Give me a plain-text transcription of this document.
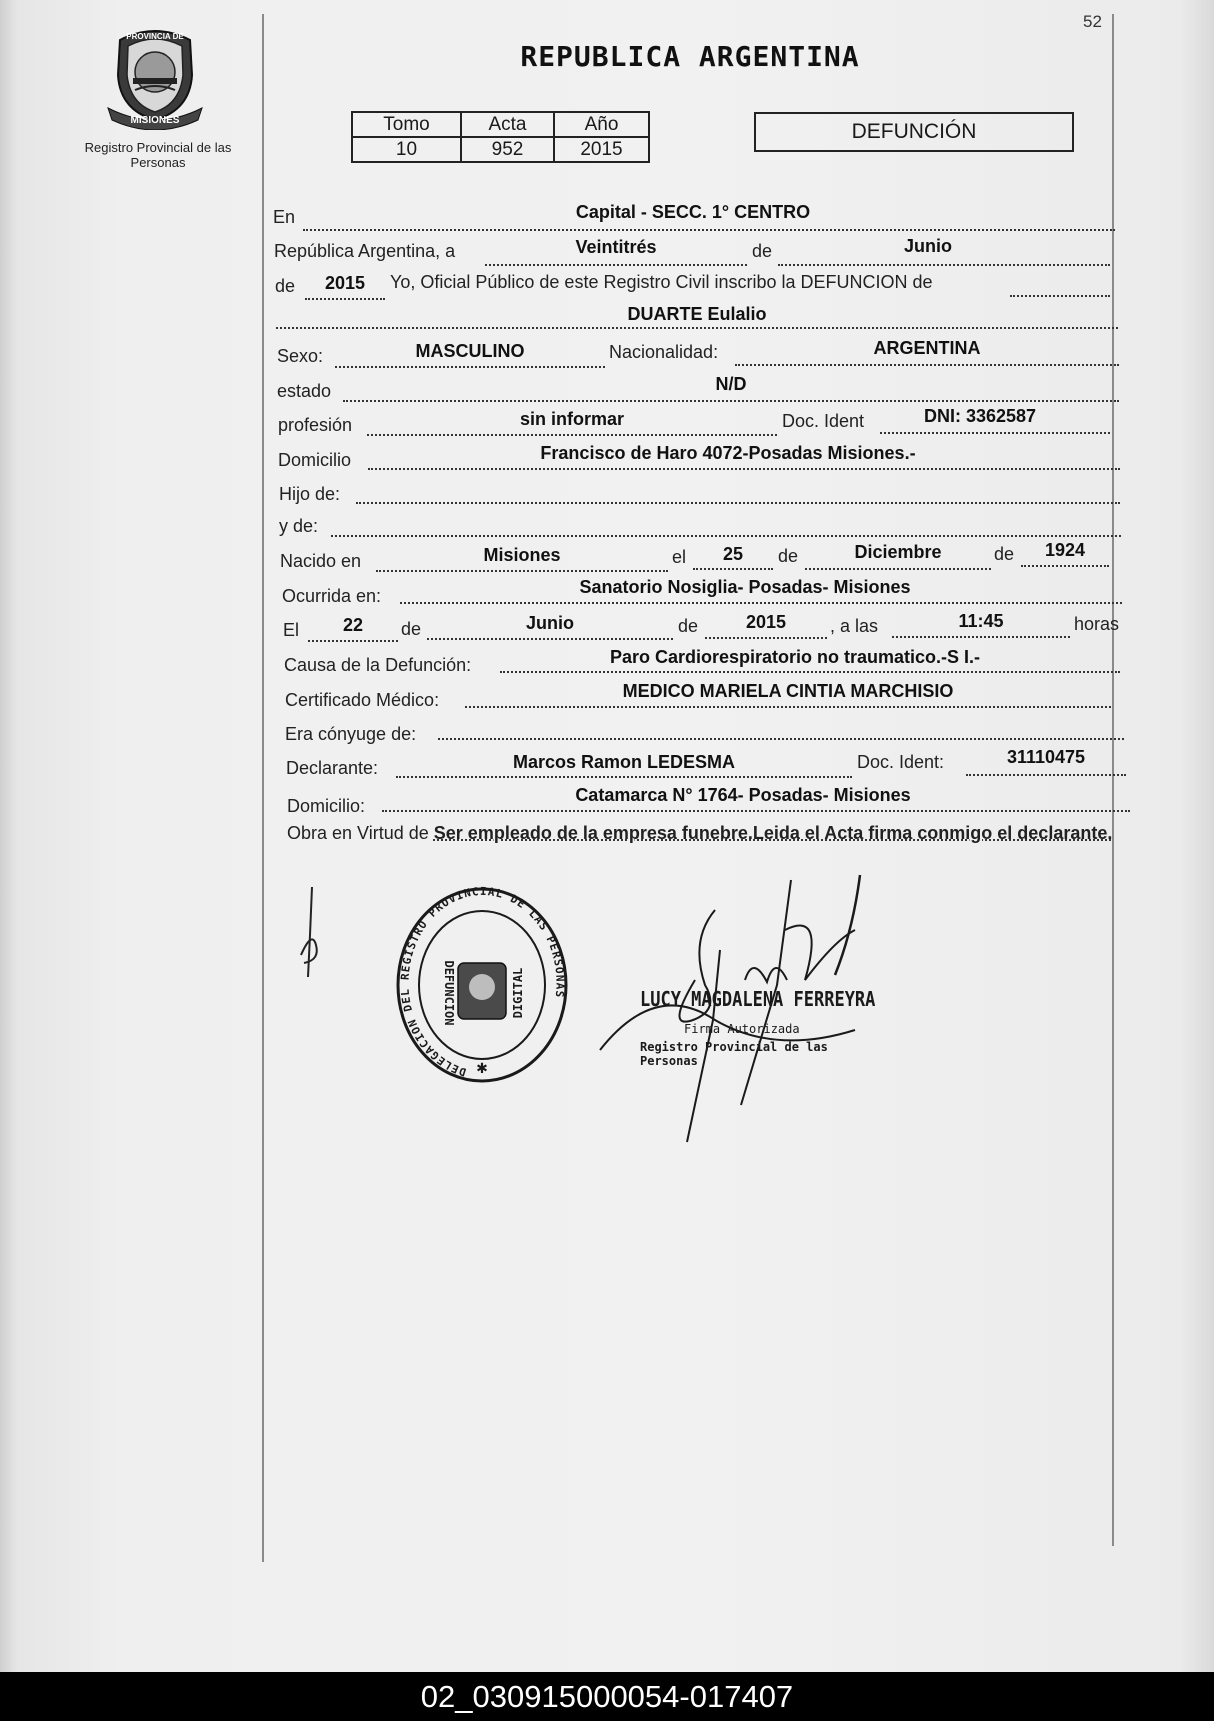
52
PROVINCIA DE
MISIONES
Registro Provincial de las Personas
REPUBLICA ARGENTINA
Tomo	Acta	Año
10	952	2015
DEFUNCIÓN
En	Capital - SECC. 1° CENTRO
República Argentina, a	Veintitrés	de	Junio
de	2015	Yo, Oficial Público de este Registro Civil inscribo la DEFUNCION de
DUARTE Eulalio
Sexo:	MASCULINO	Nacionalidad:	ARGENTINA
estado	N/D
profesión	sin informar	Doc. Ident	DNI: 3362587
Domicilio	Francisco de Haro 4072-Posadas Misiones.-
Hijo de:
y de:
Nacido en	Misiones	el	25	de	Diciembre	de	1924
Ocurrida en:	Sanatorio Nosiglia- Posadas- Misiones
El	22	de	Junio	de	2015	, a las	11:45	horas
Causa de la Defunción:	Paro Cardiorespiratorio no traumatico.-S I.-
Certificado Médico:	MEDICO MARIELA CINTIA MARCHISIO
Era cónyuge de:
Declarante:	Marcos Ramon LEDESMA	Doc. Ident:	31110475
Domicilio:
Catamarca N° 1764- Posadas- Misiones
Obra en Virtud de Ser empleado de la empresa funebre.Leida el Acta firma conmigo el declarante.
DELEGACION DEL REGISTRO PROVINCIAL DE LAS PERSONAS
DEFUNCION	DIGITAL
✱
LUCY MAGDALENA FERREYRA
Firma Autorizada
Registro Provincial de las Personas
02_030915000054-017407
